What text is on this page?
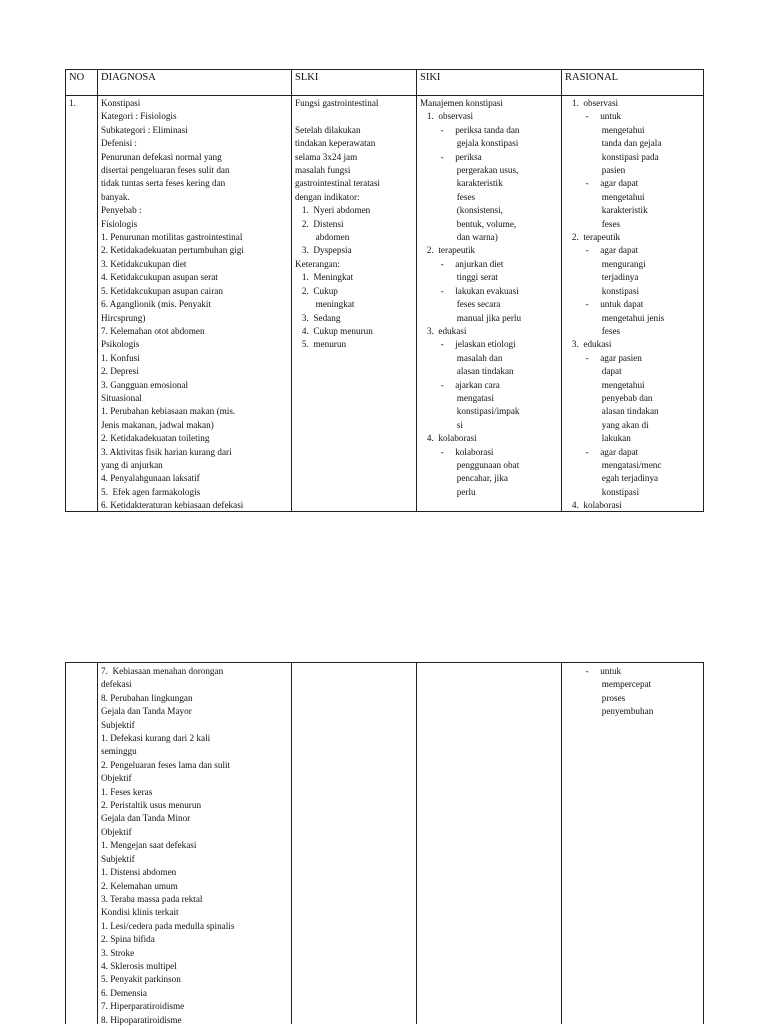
NO
1.
DIAGNOSA
Konstipasi
Kategori : Fisiologis
Subkategori : Eliminasi
Defenisi :
Penurunan defekasi normal yang
disertai pengeluaran feses sulit dan
tidak tuntas serta feses kering dan
banyak.
Penyebab :
Fisiologis
1. Penurunan motilitas gastrointestinal
2. Ketidakadekuatan pertumbuhan gigi
3. Ketidakcukupan diet
4. Ketidakcukupan asupan serat
5. Ketidakcukupan asupan cairan
6. Aganglionik (mis. Penyakit
Hircsprung)
7. Kelemahan otot abdomen
Psikologis
1. Konfusi
2. Depresi
3. Gangguan emosional
Situasional
1. Perubahan kebiasaan makan (mis.
Jenis makanan, jadwal makan)
2. Ketidakadekuatan toileting
3. Aktivitas fisik harian kurang dari
yang di anjurkan
4. Penyalahgunaan laksatif
5.  Efek agen farmakologis
6. Ketidakteraturan kebiasaan defekasi
SLKI
Fungsi gastrointestinal

Setelah dilakukan
tindakan keperawatan
selama 3x24 jam
masalah fungsi
gastrointestinal teratasi
dengan indikator:
1.  Nyeri abdomen
2.  Distensi
abdomen
3.  Dyspepsia
Keterangan:
1.  Meningkat
2.  Cukup
meningkat
3.  Sedang
4.  Cukup menurun
5.  menurun
SIKI
Manajemen konstipasi
1.  observasi
-     periksa tanda dan
gejala konstipasi
-     periksa
pergerakan usus,
karakteristik
feses
(konsistensi,
bentuk, volume,
dan warna)
2.  terapeutik
-     anjurkan diet
tinggi serat
-     lakukan evakuasi
feses secara
manual jika perlu
3.  edukasi
-     jelaskan etiologi
masalah dan
alasan tindakan
-     ajarkan cara
mengatasi
konstipasi/impak
si
4.  kolaborasi
-     kolaborasi
penggunaan obat
pencahar, jika
perlu
RASIONAL
1.  observasi
-     untuk
mengetahui
tanda dan gejala
konstipasi pada
pasien
-     agar dapat
mengetahui
karakteristik
feses
2.  terapeutik
-     agar dapat
mengurangi
terjadinya
konstipasi
-     untuk dapat
mengetahui jenis
feses
3.  edukasi
-     agar pasien
dapat
mengetahui
penyebab dan
alasan tindakan
yang akan di
lakukan
-     agar dapat
mengatasi/menc
egah terjadinya
konstipasi
4.  kolaborasi
7.  Kebiasaan menahan dorongan
defekasi
8. Perubahan lingkungan
Gejala dan Tanda Mayor
Subjektif
1. Defekasi kurang dari 2 kali
seminggu
2. Pengeluaran feses lama dan sulit
Objektif
1. Feses keras
2. Peristaltik usus menurun
Gejala dan Tanda Minor
Objektif
1. Mengejan saat defekasi
Subjektif
1. Distensi abdomen
2. Kelemahan umum
3. Teraba massa pada rektal
Kondisi klinis terkait
1. Lesi/cedera pada medulla spinalis
2. Spina bifida
3. Stroke
4. Sklerosis multipel
5. Penyakit parkinson
6. Demensia
7. Hiperparatiroidisme
8. Hipoparatiroidisme
-     untuk
mempercepat
proses
penyembuhan
